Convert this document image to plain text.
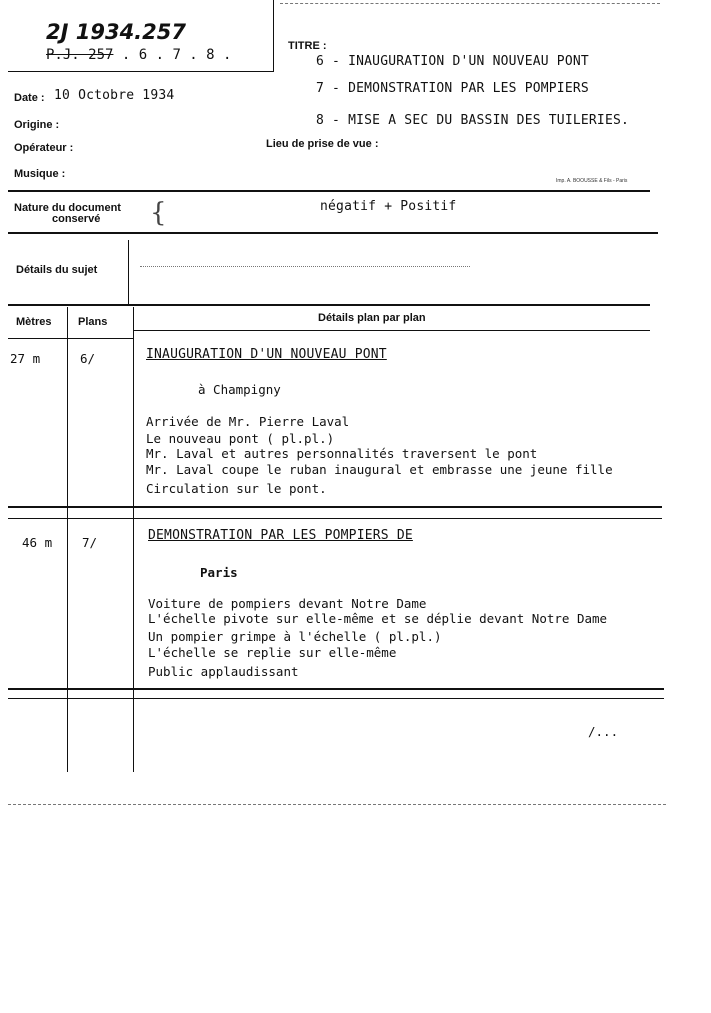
2J 1934.257
P.J. 257 . 6 . 7 . 8 .
TITRE :
6 - INAUGURATION D'UN NOUVEAU PONT
7 - DEMONSTRATION PAR LES POMPIERS
8 - MISE A SEC DU BASSIN DES TUILERIES.
Date : 10 Octobre 1934
Origine :
Opérateur :	Lieu de prise de vue :
Musique :
Imp. A. BOOUSSE & Fils - Paris
Nature du document
conservé {	négatif + Positif
Détails du sujet
Mètres Plans	Détails plan par plan
27 m	6/	INAUGURATION D'UN NOUVEAU PONT
à Champigny
Arrivée de Mr. Pierre Laval
Le nouveau pont ( pl.pl.)
Mr. Laval et autres personnalités traversent le pont
Mr. Laval coupe le ruban inaugural et embrasse une jeune fille
Circulation sur le pont.
46 m 7/	DEMONSTRATION PAR LES POMPIERS DE
Paris
Voiture de pompiers devant Notre Dame
L'échelle pivote sur elle-même et se déplie devant Notre Dame
Un pompier grimpe à l'échelle ( pl.pl.)
L'échelle se replie sur elle-même
Public applaudissant
/...
